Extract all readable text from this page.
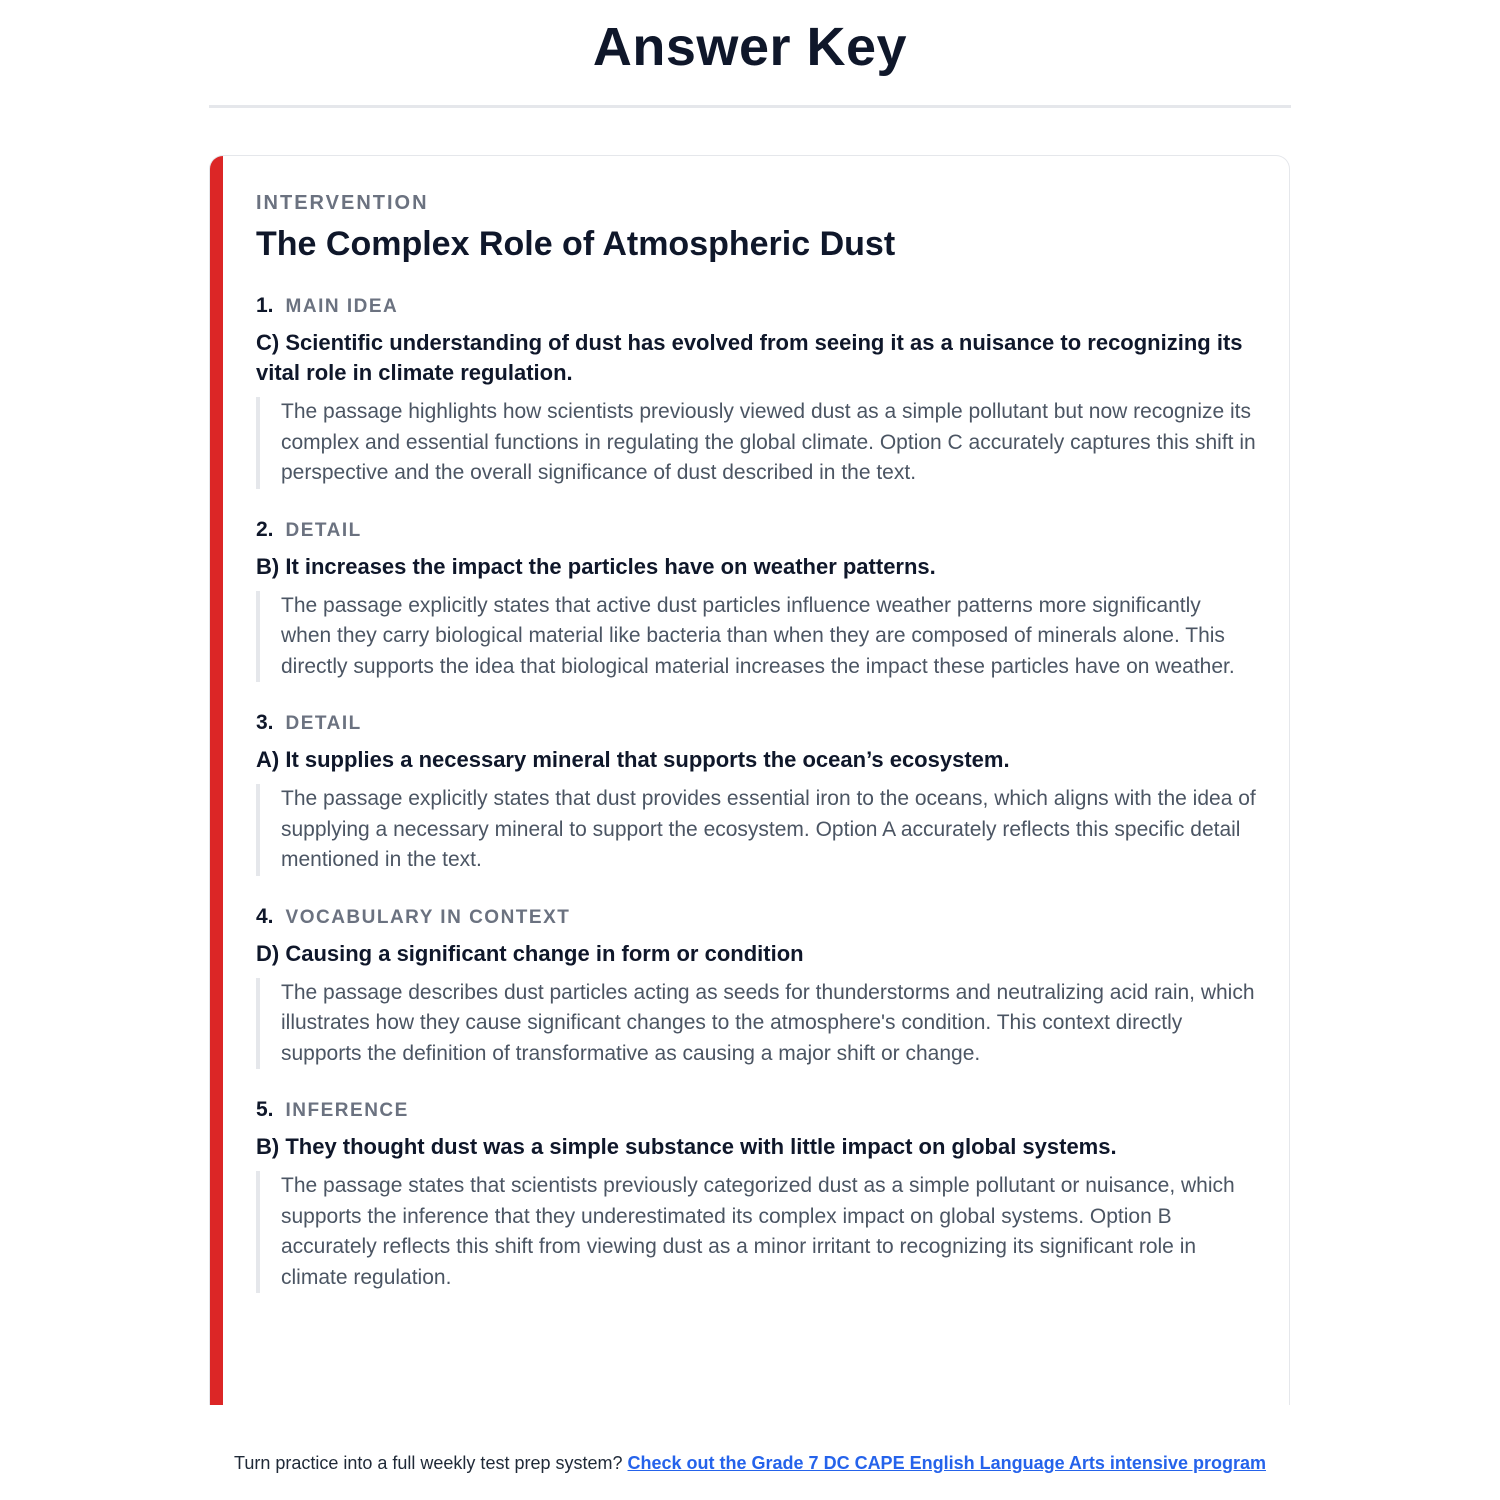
Answer Key
INTERVENTION
The Complex Role of Atmospheric Dust
1. MAIN IDEA
C) Scientific understanding of dust has evolved from seeing it as a nuisance to recognizing its vital role in climate regulation.
The passage highlights how scientists previously viewed dust as a simple pollutant but now recognize its complex and essential functions in regulating the global climate. Option C accurately captures this shift in perspective and the overall significance of dust described in the text.
2. DETAIL
B) It increases the impact the particles have on weather patterns.
The passage explicitly states that active dust particles influence weather patterns more significantly when they carry biological material like bacteria than when they are composed of minerals alone. This directly supports the idea that biological material increases the impact these particles have on weather.
3. DETAIL
A) It supplies a necessary mineral that supports the ocean’s ecosystem.
The passage explicitly states that dust provides essential iron to the oceans, which aligns with the idea of supplying a necessary mineral to support the ecosystem. Option A accurately reflects this specific detail mentioned in the text.
4. VOCABULARY IN CONTEXT
D) Causing a significant change in form or condition
The passage describes dust particles acting as seeds for thunderstorms and neutralizing acid rain, which illustrates how they cause significant changes to the atmosphere's condition. This context directly supports the definition of transformative as causing a major shift or change.
5. INFERENCE
B) They thought dust was a simple substance with little impact on global systems.
The passage states that scientists previously categorized dust as a simple pollutant or nuisance, which supports the inference that they underestimated its complex impact on global systems. Option B accurately reflects this shift from viewing dust as a minor irritant to recognizing its significant role in climate regulation.
Turn practice into a full weekly test prep system? Check out the Grade 7 DC CAPE English Language Arts intensive program
